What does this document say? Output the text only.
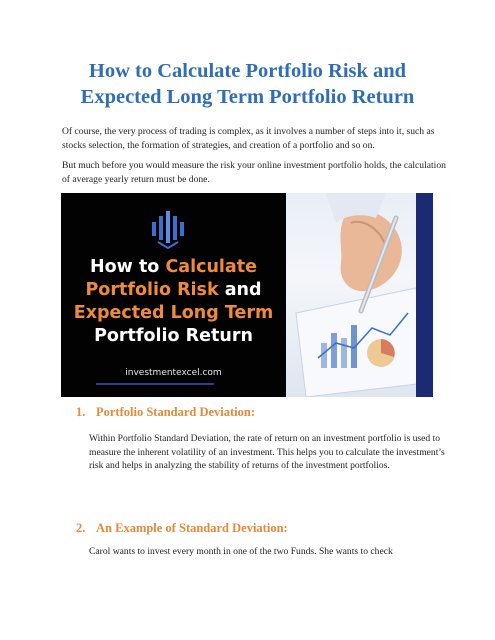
How to Calculate Portfolio Risk and
Expected Long Term Portfolio Return

Of course, the very process of trading is complex, as it involves a number of steps into it, such as stocks selection, the formation of strategies, and creation of a portfolio and so on.

But much before you would measure the risk your online investment portfolio holds, the calculation of average yearly return must be done.

How to Calculate
Portfolio Risk and
Expected Long Term
Portfolio Return
investmentexcel.com
1. Portfolio Standard Deviation:

Within Portfolio Standard Deviation, the rate of return on an investment portfolio is used to measure the inherent volatility of an investment. This helps you to calculate the investment’s risk and helps in analyzing the stability of returns of the investment portfolios.

2. An Example of Standard Deviation:

Carol wants to invest every month in one of the two Funds. She wants to check
